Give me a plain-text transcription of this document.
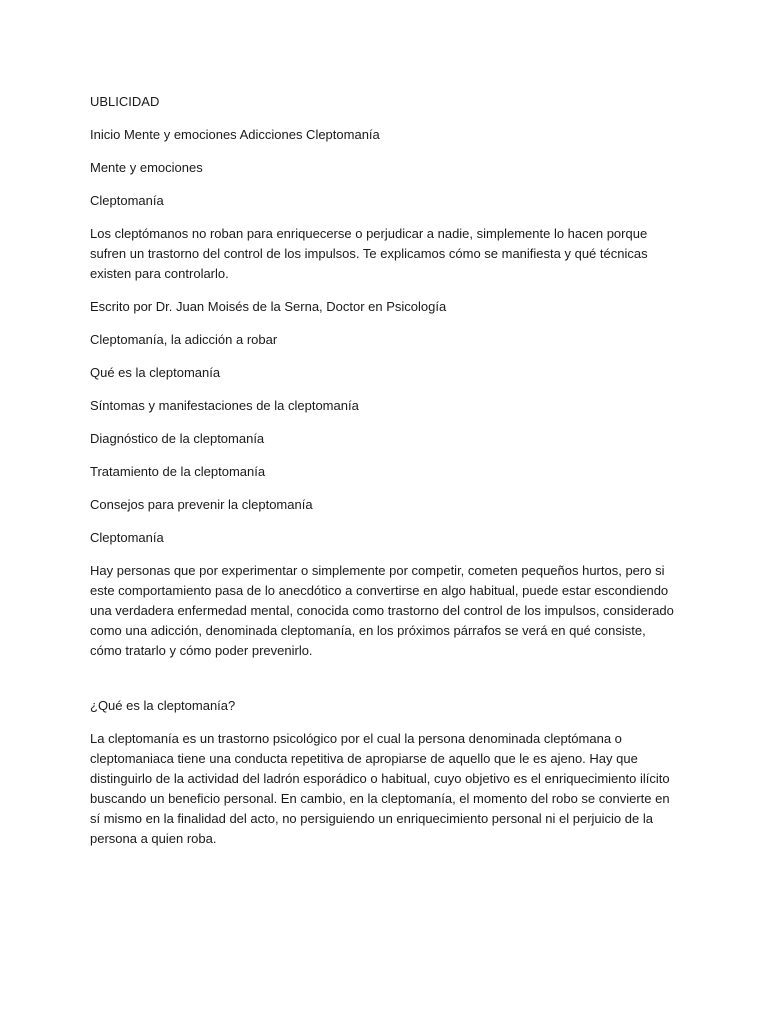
UBLICIDAD

Inicio Mente y emociones Adicciones Cleptomanía

Mente y emociones

Cleptomanía

Los cleptómanos no roban para enriquecerse o perjudicar a nadie, simplemente lo hacen porque sufren un trastorno del control de los impulsos. Te explicamos cómo se manifiesta y qué técnicas existen para controlarlo.

Escrito por Dr. Juan Moisés de la Serna, Doctor en Psicología

Cleptomanía, la adicción a robar

Qué es la cleptomanía

Síntomas y manifestaciones de la cleptomanía

Diagnóstico de la cleptomanía

Tratamiento de la cleptomanía

Consejos para prevenir la cleptomanía

Cleptomanía

Hay personas que por experimentar o simplemente por competir, cometen pequeños hurtos, pero si este comportamiento pasa de lo anecdótico a convertirse en algo habitual, puede estar escondiendo una verdadera enfermedad mental, conocida como trastorno del control de los impulsos, considerado como una adicción, denominada cleptomanía, en los próximos párrafos se verá en qué consiste, cómo tratarlo y cómo poder prevenirlo.

¿Qué es la cleptomanía?

La cleptomanía es un trastorno psicológico por el cual la persona denominada cleptómana o cleptomaniaca tiene una conducta repetitiva de apropiarse de aquello que le es ajeno. Hay que distinguirlo de la actividad del ladrón esporádico o habitual, cuyo objetivo es el enriquecimiento ilícito buscando un beneficio personal. En cambio, en la cleptomanía, el momento del robo se convierte en sí mismo en la finalidad del acto, no persiguiendo un enriquecimiento personal ni el perjuicio de la persona a quien roba.
